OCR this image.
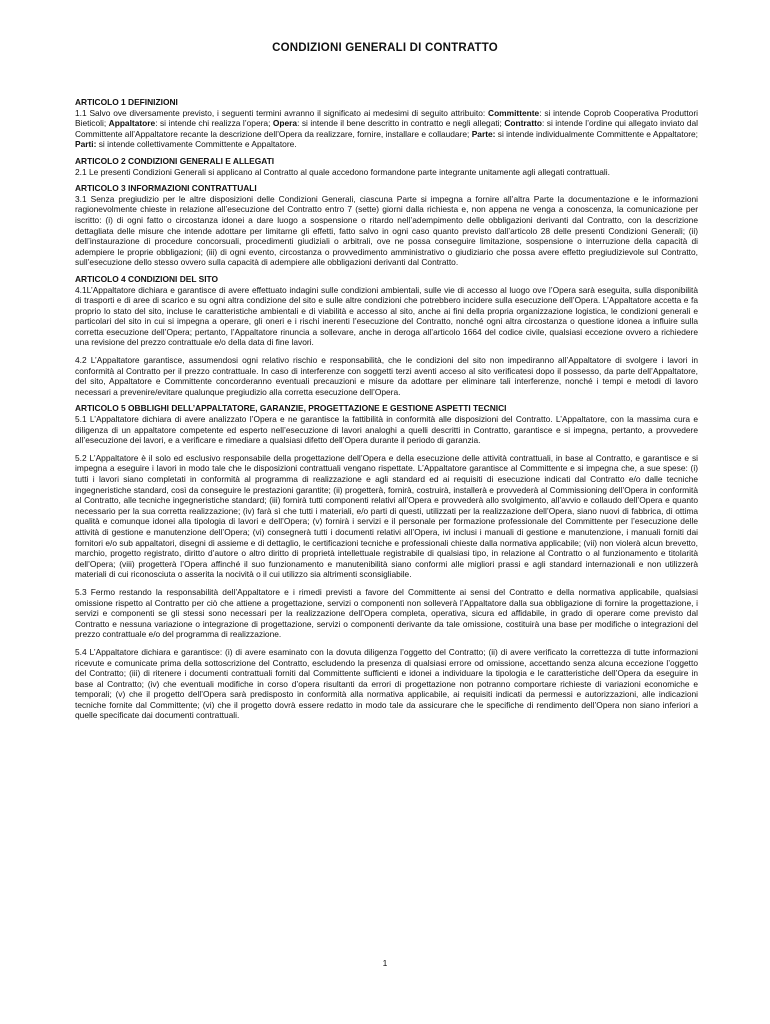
CONDIZIONI GENERALI DI CONTRATTO
ARTICOLO 1 DEFINIZIONI

1.1 Salvo ove diversamente previsto, i seguenti termini avranno il significato ai medesimi di seguito attribuito: Committente: si intende Coprob Cooperativa Produttori Bieticoli; Appaltatore: si intende chi realizza l’opera; Opera: si intende il bene descritto in contratto e negli allegati; Contratto: si intende l’ordine qui allegato inviato dal Committente all’Appaltatore recante la descrizione dell’Opera da realizzare, fornire, installare e collaudare; Parte: si intende individualmente Committente e Appaltatore; Parti: si intende collettivamente Committente e Appaltatore.

ARTICOLO 2 CONDIZIONI GENERALI E ALLEGATI

2.1 Le presenti Condizioni Generali si applicano al Contratto al quale accedono formandone parte integrante unitamente agli allegati contrattuali.

ARTICOLO 3 INFORMAZIONI CONTRATTUALI

3.1 Senza pregiudizio per le altre disposizioni delle Condizioni Generali, ciascuna Parte si impegna a fornire all’altra Parte la documentazione e le informazioni ragionevolmente chieste in relazione all’esecuzione del Contratto entro 7 (sette) giorni dalla richiesta e, non appena ne venga a conoscenza, la comunicazione per iscritto: (i) di ogni fatto o circostanza idonei a dare luogo a sospensione o ritardo nell’adempimento delle obbligazioni derivanti dal Contratto, con la descrizione dettagliata delle misure che intende adottare per limitarne gli effetti, fatto salvo in ogni caso quanto previsto dall’articolo 28 delle presenti Condizioni Generali; (ii) dell’instaurazione di procedure concorsuali, procedimenti giudiziali o arbitrali, ove ne possa conseguire limitazione, sospensione o interruzione della capacità di adempiere le proprie obbligazioni; (iii) di ogni evento, circostanza o provvedimento amministrativo o giudiziario che possa avere effetto pregiudizievole sul Contratto, sull’esecuzione dello stesso ovvero sulla capacità di adempiere alle obbligazioni derivanti dal Contratto.

ARTICOLO 4 CONDIZIONI DEL SITO

4.1L’Appaltatore dichiara e garantisce di avere effettuato indagini sulle condizioni ambientali, sulle vie di accesso al luogo ove l’Opera sarà eseguita, sulla disponibilità di trasporti e di aree di scarico e su ogni altra condizione del sito e sulle altre condizioni che potrebbero incidere sulla esecuzione dell’Opera. L’Appaltatore accetta e fa proprio lo stato del sito, incluse le caratteristiche ambientali e di viabilità e accesso al sito, anche ai fini della propria organizzazione logistica, le condizioni generali e particolari del sito in cui si impegna a operare, gli oneri e i rischi inerenti l’esecuzione del Contratto, nonché ogni altra circostanza o questione idonea a influire sulla corretta esecuzione dell’Opera; pertanto, l’Appaltatore rinuncia a sollevare, anche in deroga all’articolo 1664 del codice civile, qualsiasi eccezione ovvero a richiedere una revisione del prezzo contrattuale e/o della data di fine lavori.

4.2 L’Appaltatore garantisce, assumendosi ogni relativo rischio e responsabilità, che le condizioni del sito non impediranno all’Appaltatore di svolgere i lavori in conformità al Contratto per il prezzo contrattuale. In caso di interferenze con soggetti terzi aventi acceso al sito verificatesi dopo il possesso, da parte dell’Appaltatore, del sito, Appaltatore e Committente concorderanno eventuali precauzioni e misure da adottare per eliminare tali interferenze, nonché i tempi e metodi di lavoro necessari a prevenire/evitare qualunque pregiudizio alla corretta esecuzione dell’Opera.

ARTICOLO 5 OBBLIGHI DELL’APPALTATORE, GARANZIE, PROGETTAZIONE E GESTIONE ASPETTI TECNICI

5.1 L’Appaltatore dichiara di avere analizzato l’Opera e ne garantisce la fattibilità in conformità alle disposizioni del Contratto. L’Appaltatore, con la massima cura e diligenza di un appaltatore competente ed esperto nell’esecuzione di lavori analoghi a quelli descritti in Contratto, garantisce e si impegna, pertanto, a provvedere all’esecuzione dei lavori, e a verificare e rimediare a qualsiasi difetto dell’Opera durante il periodo di garanzia.

5.2 L’Appaltatore è il solo ed esclusivo responsabile della progettazione dell’Opera e della esecuzione delle attività contrattuali, in base al Contratto, e garantisce e si impegna a eseguire i lavori in modo tale che le disposizioni contrattuali vengano rispettate. L’Appaltatore garantisce al Committente e si impegna che, a sue spese: (i) tutti i lavori siano completati in conformità al programma di realizzazione e agli standard ed ai requisiti di esecuzione indicati dal Contratto e/o dalle tecniche ingegneristiche standard, così da conseguire le prestazioni garantite; (ii) progetterà, fornirà, costruirà, installerà e provvederà al Commissioning dell’Opera in conformità al Contratto, alle tecniche ingegneristiche standard; (iii) fornirà tutti componenti relativi all’Opera e provvederà allo svolgimento, all’avvio e collaudo dell’Opera e quanto necessario per la sua corretta realizzazione; (iv) farà sì che tutti i materiali, e/o parti di questi, utilizzati per la realizzazione dell’Opera, siano nuovi di fabbrica, di ottima qualità e comunque idonei alla tipologia di lavori e dell’Opera; (v) fornirà i servizi e il personale per formazione professionale del Committente per l’esecuzione delle attività di gestione e manutenzione dell’Opera; (vi) consegnerà tutti i documenti relativi all’Opera, ivi inclusi i manuali di gestione e manutenzione, i manuali forniti dai fornitori e/o sub appaltatori, disegni di assieme e di dettaglio, le certificazioni tecniche e professionali chieste dalla normativa applicabile; (vii) non violerà alcun brevetto, marchio, progetto registrato, diritto d’autore o altro diritto di proprietà intellettuale registrabile di qualsiasi tipo, in relazione al Contratto o al funzionamento e titolarità dell’Opera; (viii) progetterà l’Opera affinché il suo funzionamento e manutenibilità siano conformi alle migliori prassi e agli standard internazionali e non utilizzerà materiali di cui riconosciuta o asserita la nocività o il cui utilizzo sia altrimenti sconsigliabile.

5.3 Fermo restando la responsabilità dell’Appaltatore e i rimedi previsti a favore del Committente ai sensi del Contratto e della normativa applicabile, qualsiasi omissione rispetto al Contratto per ciò che attiene a progettazione, servizi o componenti non solleverà l’Appaltatore dalla sua obbligazione di fornire la progettazione, i servizi e componenti se gli stessi sono necessari per la realizzazione dell’Opera completa, operativa, sicura ed affidabile, in grado di operare come previsto dal Contratto e nessuna variazione o integrazione di progettazione, servizi o componenti derivante da tale omissione, costituirà una base per modifiche o integrazioni del prezzo contrattuale e/o del programma di realizzazione.

5.4 L’Appaltatore dichiara e garantisce: (i) di avere esaminato con la dovuta diligenza l’oggetto del Contratto; (ii) di avere verificato la correttezza di tutte informazioni ricevute e comunicate prima della sottoscrizione del Contratto, escludendo la presenza di qualsiasi errore od omissione, accettando senza alcuna eccezione l’oggetto del Contratto; (iii) di ritenere i documenti contrattuali forniti dal Committente sufficienti e idonei a individuare la tipologia e le caratteristiche dell’Opera da eseguire in base al Contratto; (iv) che eventuali modifiche in corso d’opera risultanti da errori di progettazione non potranno comportare richieste di variazioni economiche e temporali; (v) che il progetto dell’Opera sarà predisposto in conformità alla normativa applicabile, ai requisiti indicati da permessi e autorizzazioni, alle indicazioni tecniche fornite dal Committente; (vi) che il progetto dovrà essere redatto in modo tale da assicurare che le specifiche di rendimento dell’Opera non siano inferiori a quelle specificate dai documenti contrattuali.

1
